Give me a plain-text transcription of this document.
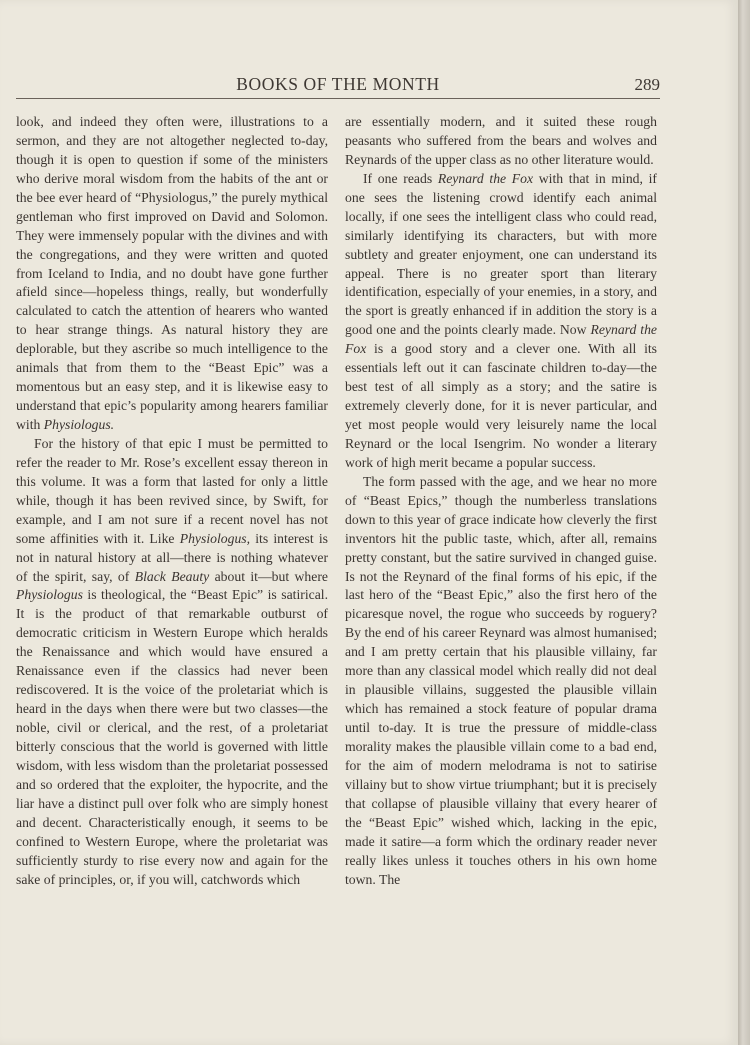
BOOKS OF THE MONTH	289

look, and indeed they often were, illustrations to a sermon, and they are not altogether neglected to-day, though it is open to question if some of the ministers who derive moral wisdom from the habits of the ant or the bee ever heard of “Physiologus,” the purely mythical gentleman who first improved on David and Solomon. They were immensely popular with the divines and with the congregations, and they were written and quoted from Iceland to India, and no doubt have gone further afield since—hopeless things, really, but wonderfully calculated to catch the attention of hearers who wanted to hear strange things. As natural history they are deplorable, but they ascribe so much intelligence to the animals that from them to the “Beast Epic” was a momentous but an easy step, and it is likewise easy to understand that epic’s popularity among hearers familiar with Physiologus.

For the history of that epic I must be permitted to refer the reader to Mr. Rose’s excellent essay thereon in this volume. It was a form that lasted for only a little while, though it has been revived since, by Swift, for example, and I am not sure if a recent novel has not some affinities with it. Like Physiologus, its interest is not in natural history at all—there is nothing whatever of the spirit, say, of Black Beauty about it—but where Physiologus is theological, the “Beast Epic” is satirical. It is the product of that remarkable outburst of democratic criticism in Western Europe which heralds the Renaissance and which would have ensured a Renaissance even if the classics had never been rediscovered. It is the voice of the proletariat which is heard in the days when there were but two classes—the noble, civil or clerical, and the rest, of a proletariat bitterly conscious that the world is governed with little wisdom, with less wisdom than the proletariat possessed and so ordered that the exploiter, the hypocrite, and the liar have a distinct pull over folk who are simply honest and decent. Characteristically enough, it seems to be confined to Western Europe, where the proletariat was sufficiently sturdy to rise every now and again for the sake of principles, or, if you will, catchwords which

are essentially modern, and it suited these rough peasants who suffered from the bears and wolves and Reynards of the upper class as no other literature would.

If one reads Reynard the Fox with that in mind, if one sees the listening crowd identify each animal locally, if one sees the intelligent class who could read, similarly identifying its characters, but with more subtlety and greater enjoyment, one can understand its appeal. There is no greater sport than literary identification, especially of your enemies, in a story, and the sport is greatly enhanced if in addition the story is a good one and the points clearly made. Now Reynard the Fox is a good story and a clever one. With all its essentials left out it can fascinate children to-day—the best test of all simply as a story; and the satire is extremely cleverly done, for it is never particular, and yet most people would very leisurely name the local Reynard or the local Isengrim. No wonder a literary work of high merit became a popular success.

The form passed with the age, and we hear no more of “Beast Epics,” though the numberless translations down to this year of grace indicate how cleverly the first inventors hit the public taste, which, after all, remains pretty constant, but the satire survived in changed guise. Is not the Reynard of the final forms of his epic, if the last hero of the “Beast Epic,” also the first hero of the picaresque novel, the rogue who succeeds by roguery? By the end of his career Reynard was almost humanised; and I am pretty certain that his plausible villainy, far more than any classical model which really did not deal in plausible villains, suggested the plausible villain which has remained a stock feature of popular drama until to-day. It is true the pressure of middle-class morality makes the plausible villain come to a bad end, for the aim of modern melodrama is not to satirise villainy but to show virtue triumphant; but it is precisely that collapse of plausible villainy that every hearer of the “Beast Epic” wished which, lacking in the epic, made it satire—a form which the ordinary reader never really likes unless it touches others in his own home town. The
